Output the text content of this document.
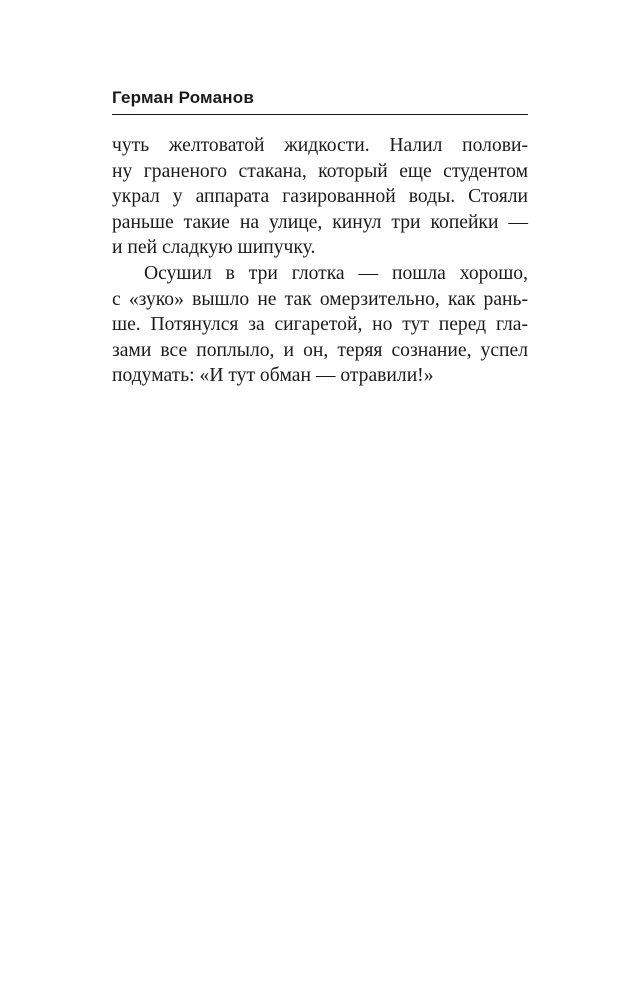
Герман Романов
чуть желтоватой жидкости. Налил полови-
ну граненого стакана, который еще студентом
украл у аппарата газированной воды. Стояли
раньше такие на улице, кинул три копейки —
и пей сладкую шипучку.
Осушил в три глотка — пошла хорошо,
с «зуко» вышло не так омерзительно, как рань-
ше. Потянулся за сигаретой, но тут перед гла-
зами все поплыло, и он, теряя сознание, успел
подумать: «И тут обман — отравили!»
